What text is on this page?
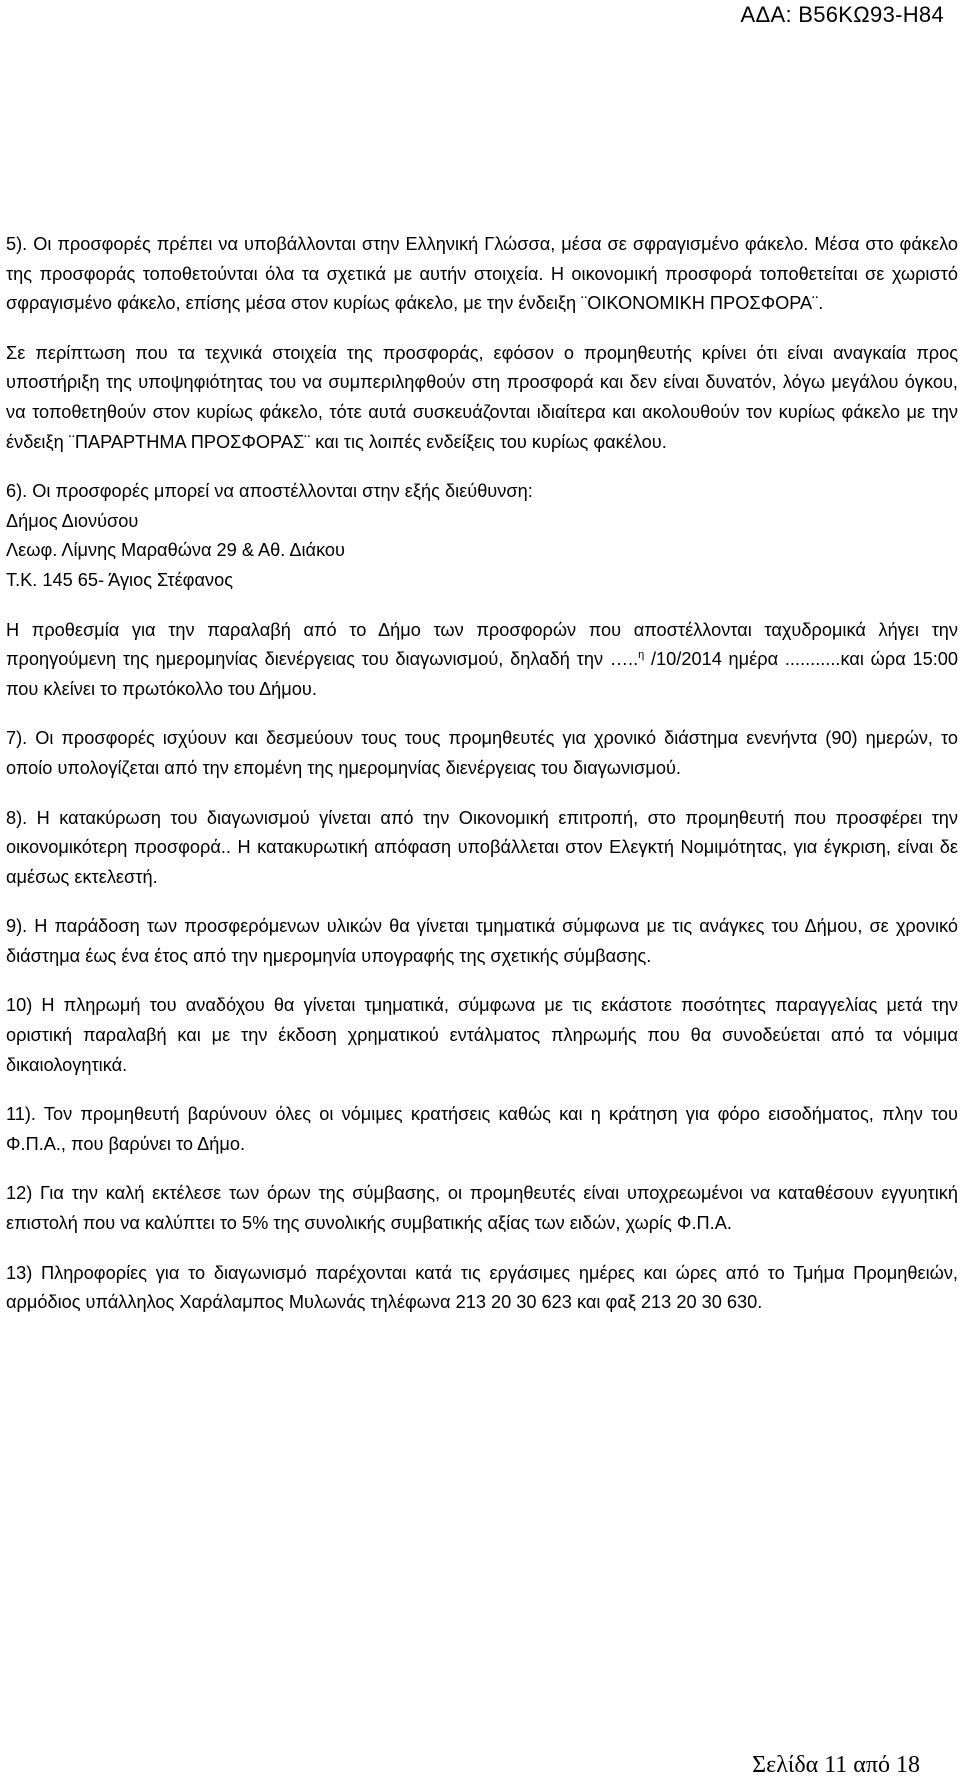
ΑΔΑ: Β56ΚΩ93-Η84

5). Οι προσφορές πρέπει να υποβάλλονται στην Ελληνική Γλώσσα, μέσα σε σφραγισμένο φάκελο. Μέσα στο φάκελο της προσφοράς τοποθετούνται όλα τα σχετικά με αυτήν στοιχεία. Η οικονομική προσφορά τοποθετείται σε χωριστό σφραγισμένο φάκελο, επίσης μέσα στον κυρίως φάκελο, με την ένδειξη ¨ΟΙΚΟΝΟΜΙΚΗ ΠΡΟΣΦΟΡΑ¨.

Σε περίπτωση που τα τεχνικά στοιχεία της προσφοράς, εφόσον ο προμηθευτής κρίνει ότι είναι αναγκαία προς υποστήριξη της υποψηφιότητας του να συμπεριληφθούν στη προσφορά και δεν είναι δυνατόν, λόγω μεγάλου όγκου, να τοποθετηθούν στον κυρίως φάκελο, τότε αυτά συσκευάζονται ιδιαίτερα και ακολουθούν τον κυρίως φάκελο με την ένδειξη ¨ΠΑΡΑΡΤΗΜΑ ΠΡΟΣΦΟΡΑΣ¨ και τις λοιπές ενδείξεις του κυρίως φακέλου.

6). Οι προσφορές μπορεί να αποστέλλονται στην εξής διεύθυνση:

Δήμος Διονύσου

Λεωφ. Λίμνης Μαραθώνα 29 & Αθ. Διάκου

Τ.Κ. 145 65- Άγιος Στέφανος

Η προθεσμία για την παραλαβή από το Δήμο των προσφορών που αποστέλλονται ταχυδρομικά λήγει την προηγούμενη της ημερομηνίας διενέργειας του διαγωνισμού, δηλαδή την …..$^\eta$ /10/2014 ημέρα ...........και ώρα 15:00 που κλείνει το πρωτόκολλο του Δήμου.

7). Οι προσφορές ισχύουν και δεσμεύουν τους τους προμηθευτές για χρονικό διάστημα ενενήντα (90) ημερών, το οποίο υπολογίζεται από την επομένη της ημερομηνίας διενέργειας του διαγωνισμού.

8). Η κατακύρωση του διαγωνισμού γίνεται από την Οικονομική επιτροπή, στο προμηθευτή που προσφέρει την οικονομικότερη προσφορά.. Η κατακυρωτική απόφαση υποβάλλεται στον Ελεγκτή Νομιμότητας, για έγκριση, είναι δε αμέσως εκτελεστή.

9). Η παράδοση των προσφερόμενων υλικών θα γίνεται τμηματικά σύμφωνα με τις ανάγκες του Δήμου, σε χρονικό διάστημα έως ένα έτος από την ημερομηνία υπογραφής της σχετικής σύμβασης.

10) Η πληρωμή του αναδόχου θα γίνεται τμηματικά, σύμφωνα με τις εκάστοτε ποσότητες παραγγελίας μετά την οριστική παραλαβή και με την έκδοση χρηματικού εντάλματος πληρωμής που θα συνοδεύεται από τα νόμιμα δικαιολογητικά.

11). Τον προμηθευτή βαρύνουν όλες οι νόμιμες κρατήσεις καθώς και η κράτηση για φόρο εισοδήματος, πλην του Φ.Π.Α., που βαρύνει το Δήμο.

12) Για την καλή εκτέλεσε των όρων της σύμβασης, οι προμηθευτές είναι υποχρεωμένοι να καταθέσουν εγγυητική επιστολή που να καλύπτει το 5% της συνολικής συμβατικής αξίας των ειδών, χωρίς Φ.Π.Α.

13) Πληροφορίες για το διαγωνισμό παρέχονται κατά τις εργάσιμες ημέρες και ώρες από το Τμήμα Προμηθειών, αρμόδιος υπάλληλος Χαράλαμπος Μυλωνάς τηλέφωνα 213 20 30 623 και φαξ 213 20 30 630.

Σελίδα 11 από 18
